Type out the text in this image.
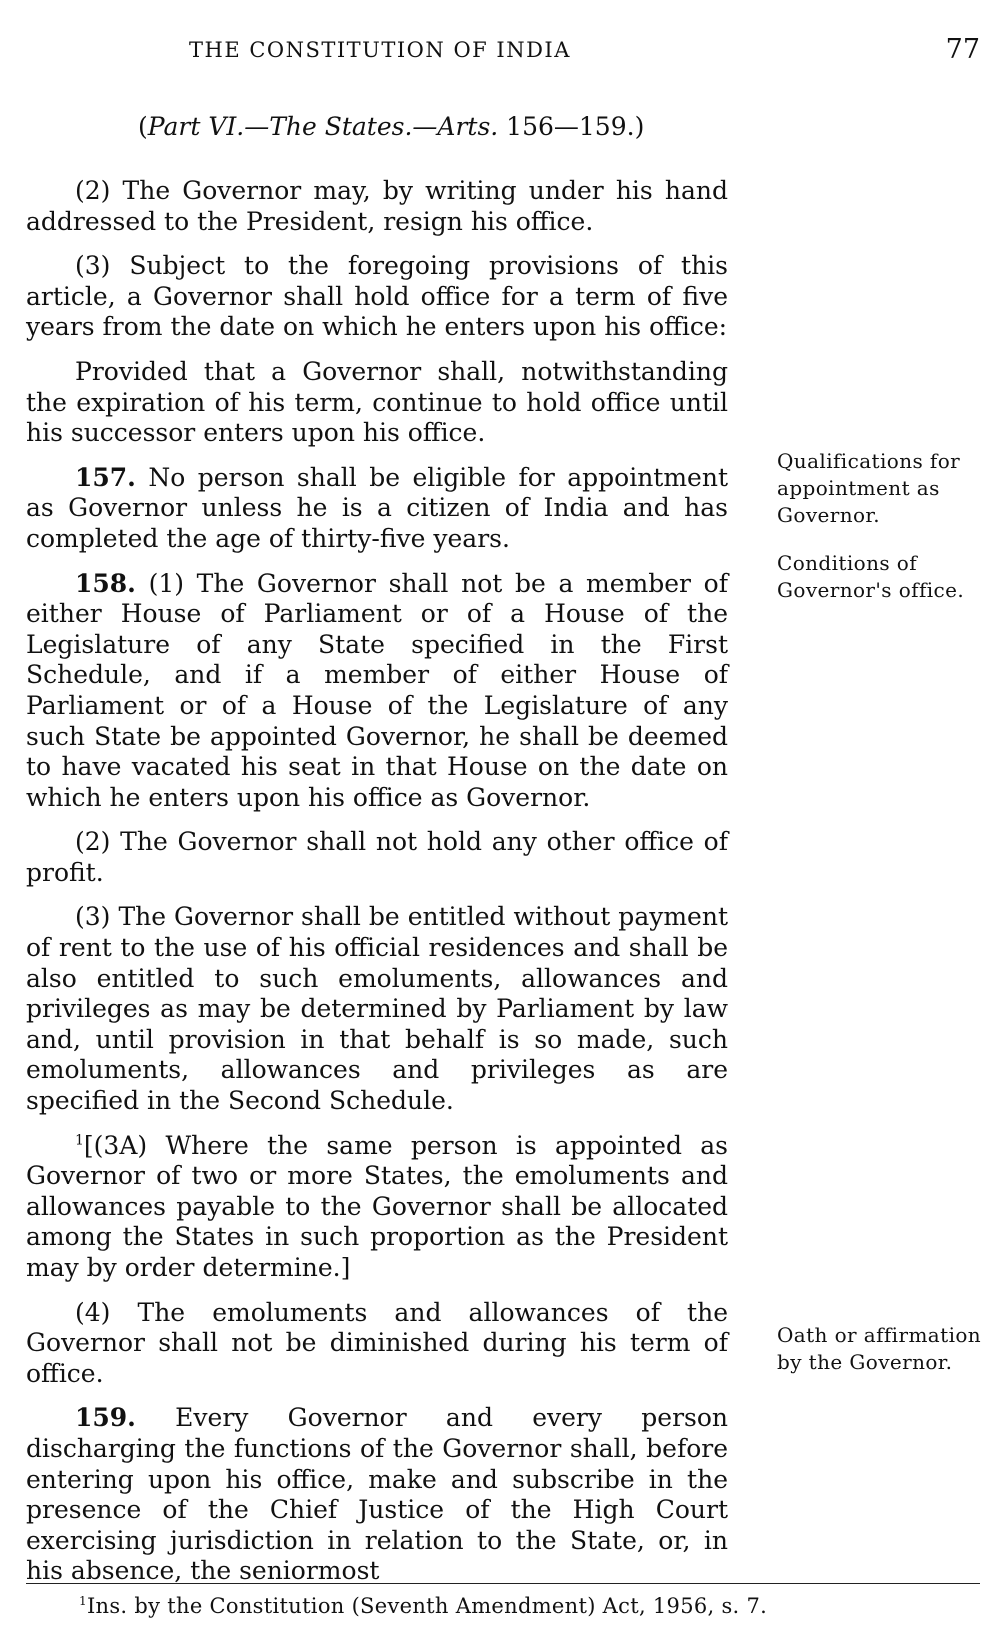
THE CONSTITUTION OF INDIA	77
(Part VI.—The States.—Arts. 156—159.)

(2) The Governor may, by writing under his hand addressed to the President, resign his office.

(3) Subject to the foregoing provisions of this article, a Governor shall hold office for a term of five years from the date on which he enters upon his office:

Provided that a Governor shall, notwithstanding the expiration of his term, continue to hold office until his successor enters upon his office.

157. No person shall be eligible for appointment as Governor unless he is a citizen of India and has completed the age of thirty-five years.

158. (1) The Governor shall not be a member of either House of Parliament or of a House of the Legislature of any State specified in the First Schedule, and if a member of either House of Parliament or of a House of the Legislature of any such State be appointed Governor, he shall be deemed to have vacated his seat in that House on the date on which he enters upon his office as Governor.

(2) The Governor shall not hold any other office of profit.

(3) The Governor shall be entitled without payment of rent to the use of his official residences and shall be also entitled to such emoluments, allowances and privileges as may be determined by Parliament by law and, until provision in that behalf is so made, such emoluments, allowances and privileges as are specified in the Second Schedule.

$^1$[(3A) Where the same person is appointed as Governor of two or more States, the emoluments and allowances payable to the Governor shall be allocated among the States in such proportion as the President may by order determine.]

(4) The emoluments and allowances of the Governor shall not be diminished during his term of office.

159. Every Governor and every person discharging the functions of the Governor shall, before entering upon his office, make and subscribe in the presence of the Chief Justice of the High Court exercising jurisdiction in relation to the State, or, in his absence, the seniormost

Qualifications for appointment as Governor.
Conditions of Governor's office.
Oath or affirmation by the Governor.
$^1$Ins. by the Constitution (Seventh Amendment) Act, 1956, s. 7.
